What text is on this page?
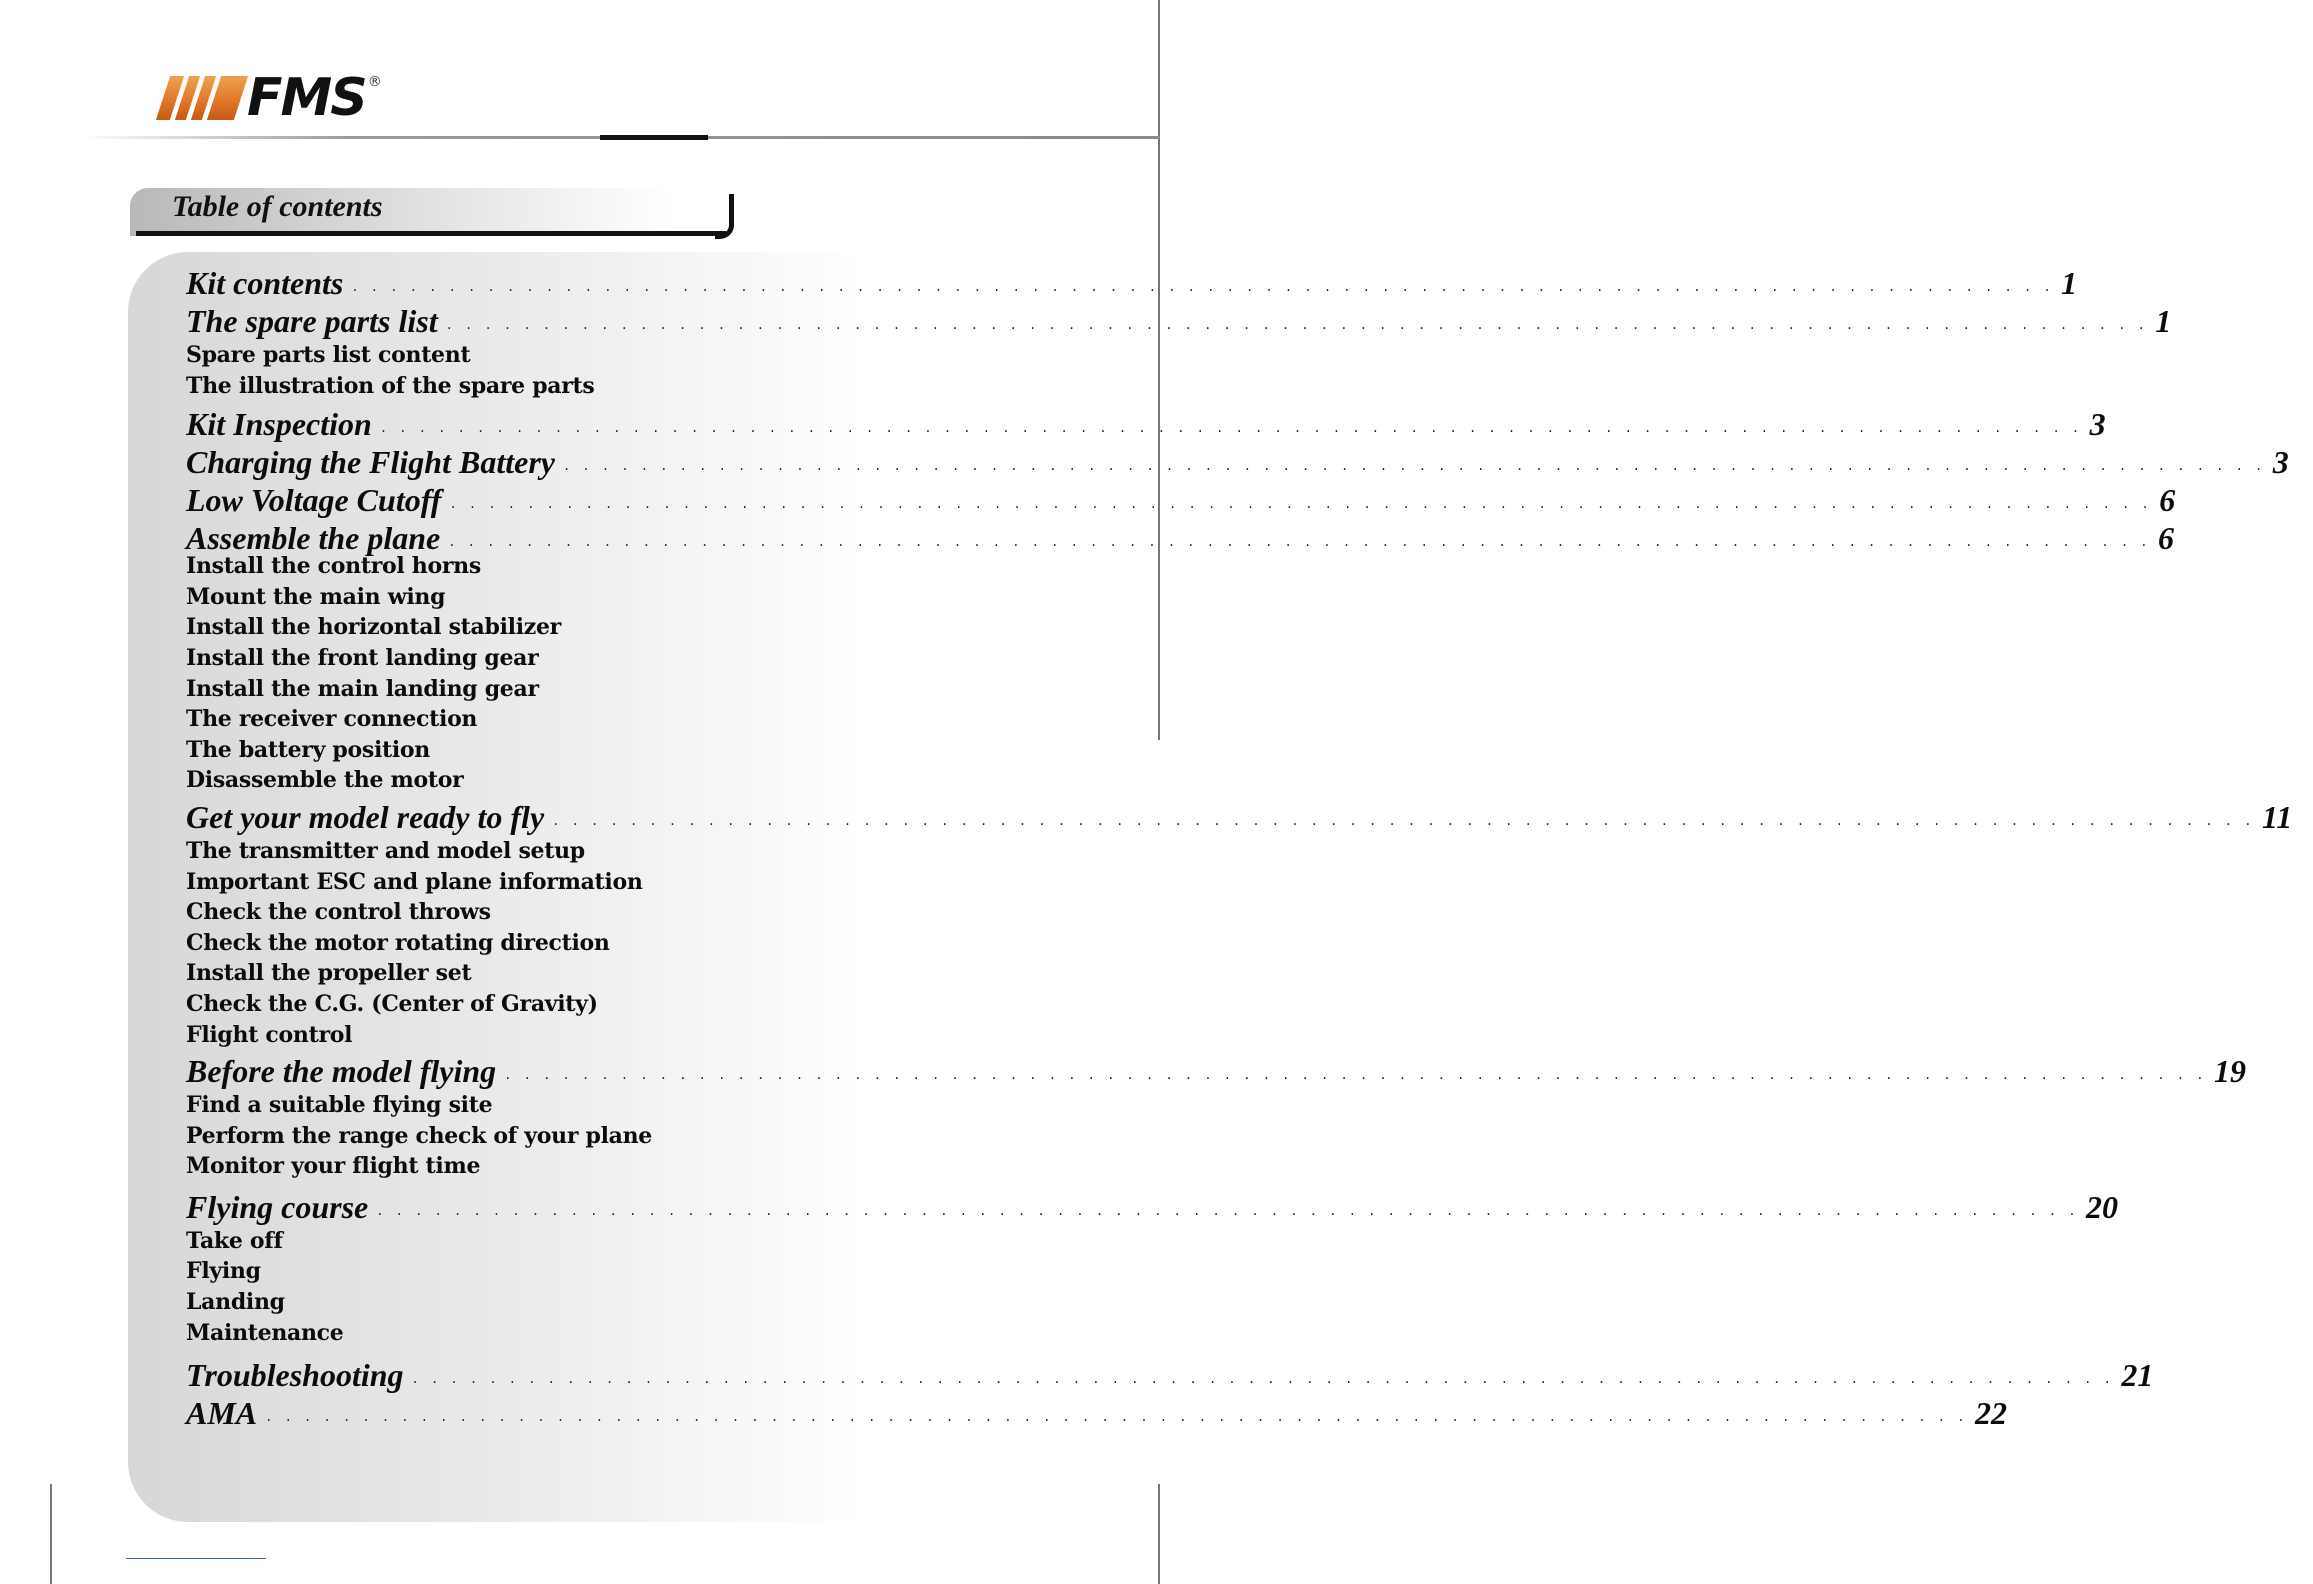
FMS ®
Table of contents
Kit contents . . . . . . . . . . . . . . . . . . . . . . . . . . . . . . . . . . . . . . . . . . . . . . . . . . . . . . . . . . . . . . . . . . . . . . . . . . . . . . . . . . . . . . . . 1
The spare parts list . . . . . . . . . . . . . . . . . . . . . . . . . . . . . . . . . . . . . . . . . . . . . . . . . . . . . . . . . . . . . . . . . . . . . . . . . . . . . . . . . . . . . . . . 1
Spare parts list content
The illustration of the spare parts
Kit Inspection . . . . . . . . . . . . . . . . . . . . . . . . . . . . . . . . . . . . . . . . . . . . . . . . . . . . . . . . . . . . . . . . . . . . . . . . . . . . . . . . . . . . . . . . 3
Charging the Flight Battery . . . . . . . . . . . . . . . . . . . . . . . . . . . . . . . . . . . . . . . . . . . . . . . . . . . . . . . . . . . . . . . . . . . . . . . . . . . . . . . . . . . . . . . . 3
Low Voltage Cutoff . . . . . . . . . . . . . . . . . . . . . . . . . . . . . . . . . . . . . . . . . . . . . . . . . . . . . . . . . . . . . . . . . . . . . . . . . . . . . . . . . . . . . . . . 6
Assemble the plane . . . . . . . . . . . . . . . . . . . . . . . . . . . . . . . . . . . . . . . . . . . . . . . . . . . . . . . . . . . . . . . . . . . . . . . . . . . . . . . . . . . . . . . . 6
Install the control horns
Mount the main wing
Install the horizontal stabilizer
Install the front landing gear
Install the main landing gear
The receiver connection
The battery position
Disassemble the motor
Get your model ready to fly . . . . . . . . . . . . . . . . . . . . . . . . . . . . . . . . . . . . . . . . . . . . . . . . . . . . . . . . . . . . . . . . . . . . . . . . . . . . . . . . . . . . . . . . 11
The transmitter and model setup
Important ESC and plane information
Check the control throws
Check the motor rotating direction
Install the propeller set
Check the C.G. (Center of Gravity)
Flight control
Before the model flying . . . . . . . . . . . . . . . . . . . . . . . . . . . . . . . . . . . . . . . . . . . . . . . . . . . . . . . . . . . . . . . . . . . . . . . . . . . . . . . . . . . . . . . . 19
Find a suitable flying site
Perform the range check of your plane
Monitor your flight time
Flying course . . . . . . . . . . . . . . . . . . . . . . . . . . . . . . . . . . . . . . . . . . . . . . . . . . . . . . . . . . . . . . . . . . . . . . . . . . . . . . . . . . . . . . . . 20
Take off
Flying
Landing
Maintenance
Troubleshooting . . . . . . . . . . . . . . . . . . . . . . . . . . . . . . . . . . . . . . . . . . . . . . . . . . . . . . . . . . . . . . . . . . . . . . . . . . . . . . . . . . . . . . . . 21
AMA . . . . . . . . . . . . . . . . . . . . . . . . . . . . . . . . . . . . . . . . . . . . . . . . . . . . . . . . . . . . . . . . . . . . . . . . . . . . . . . . . . . . . . . . 22
